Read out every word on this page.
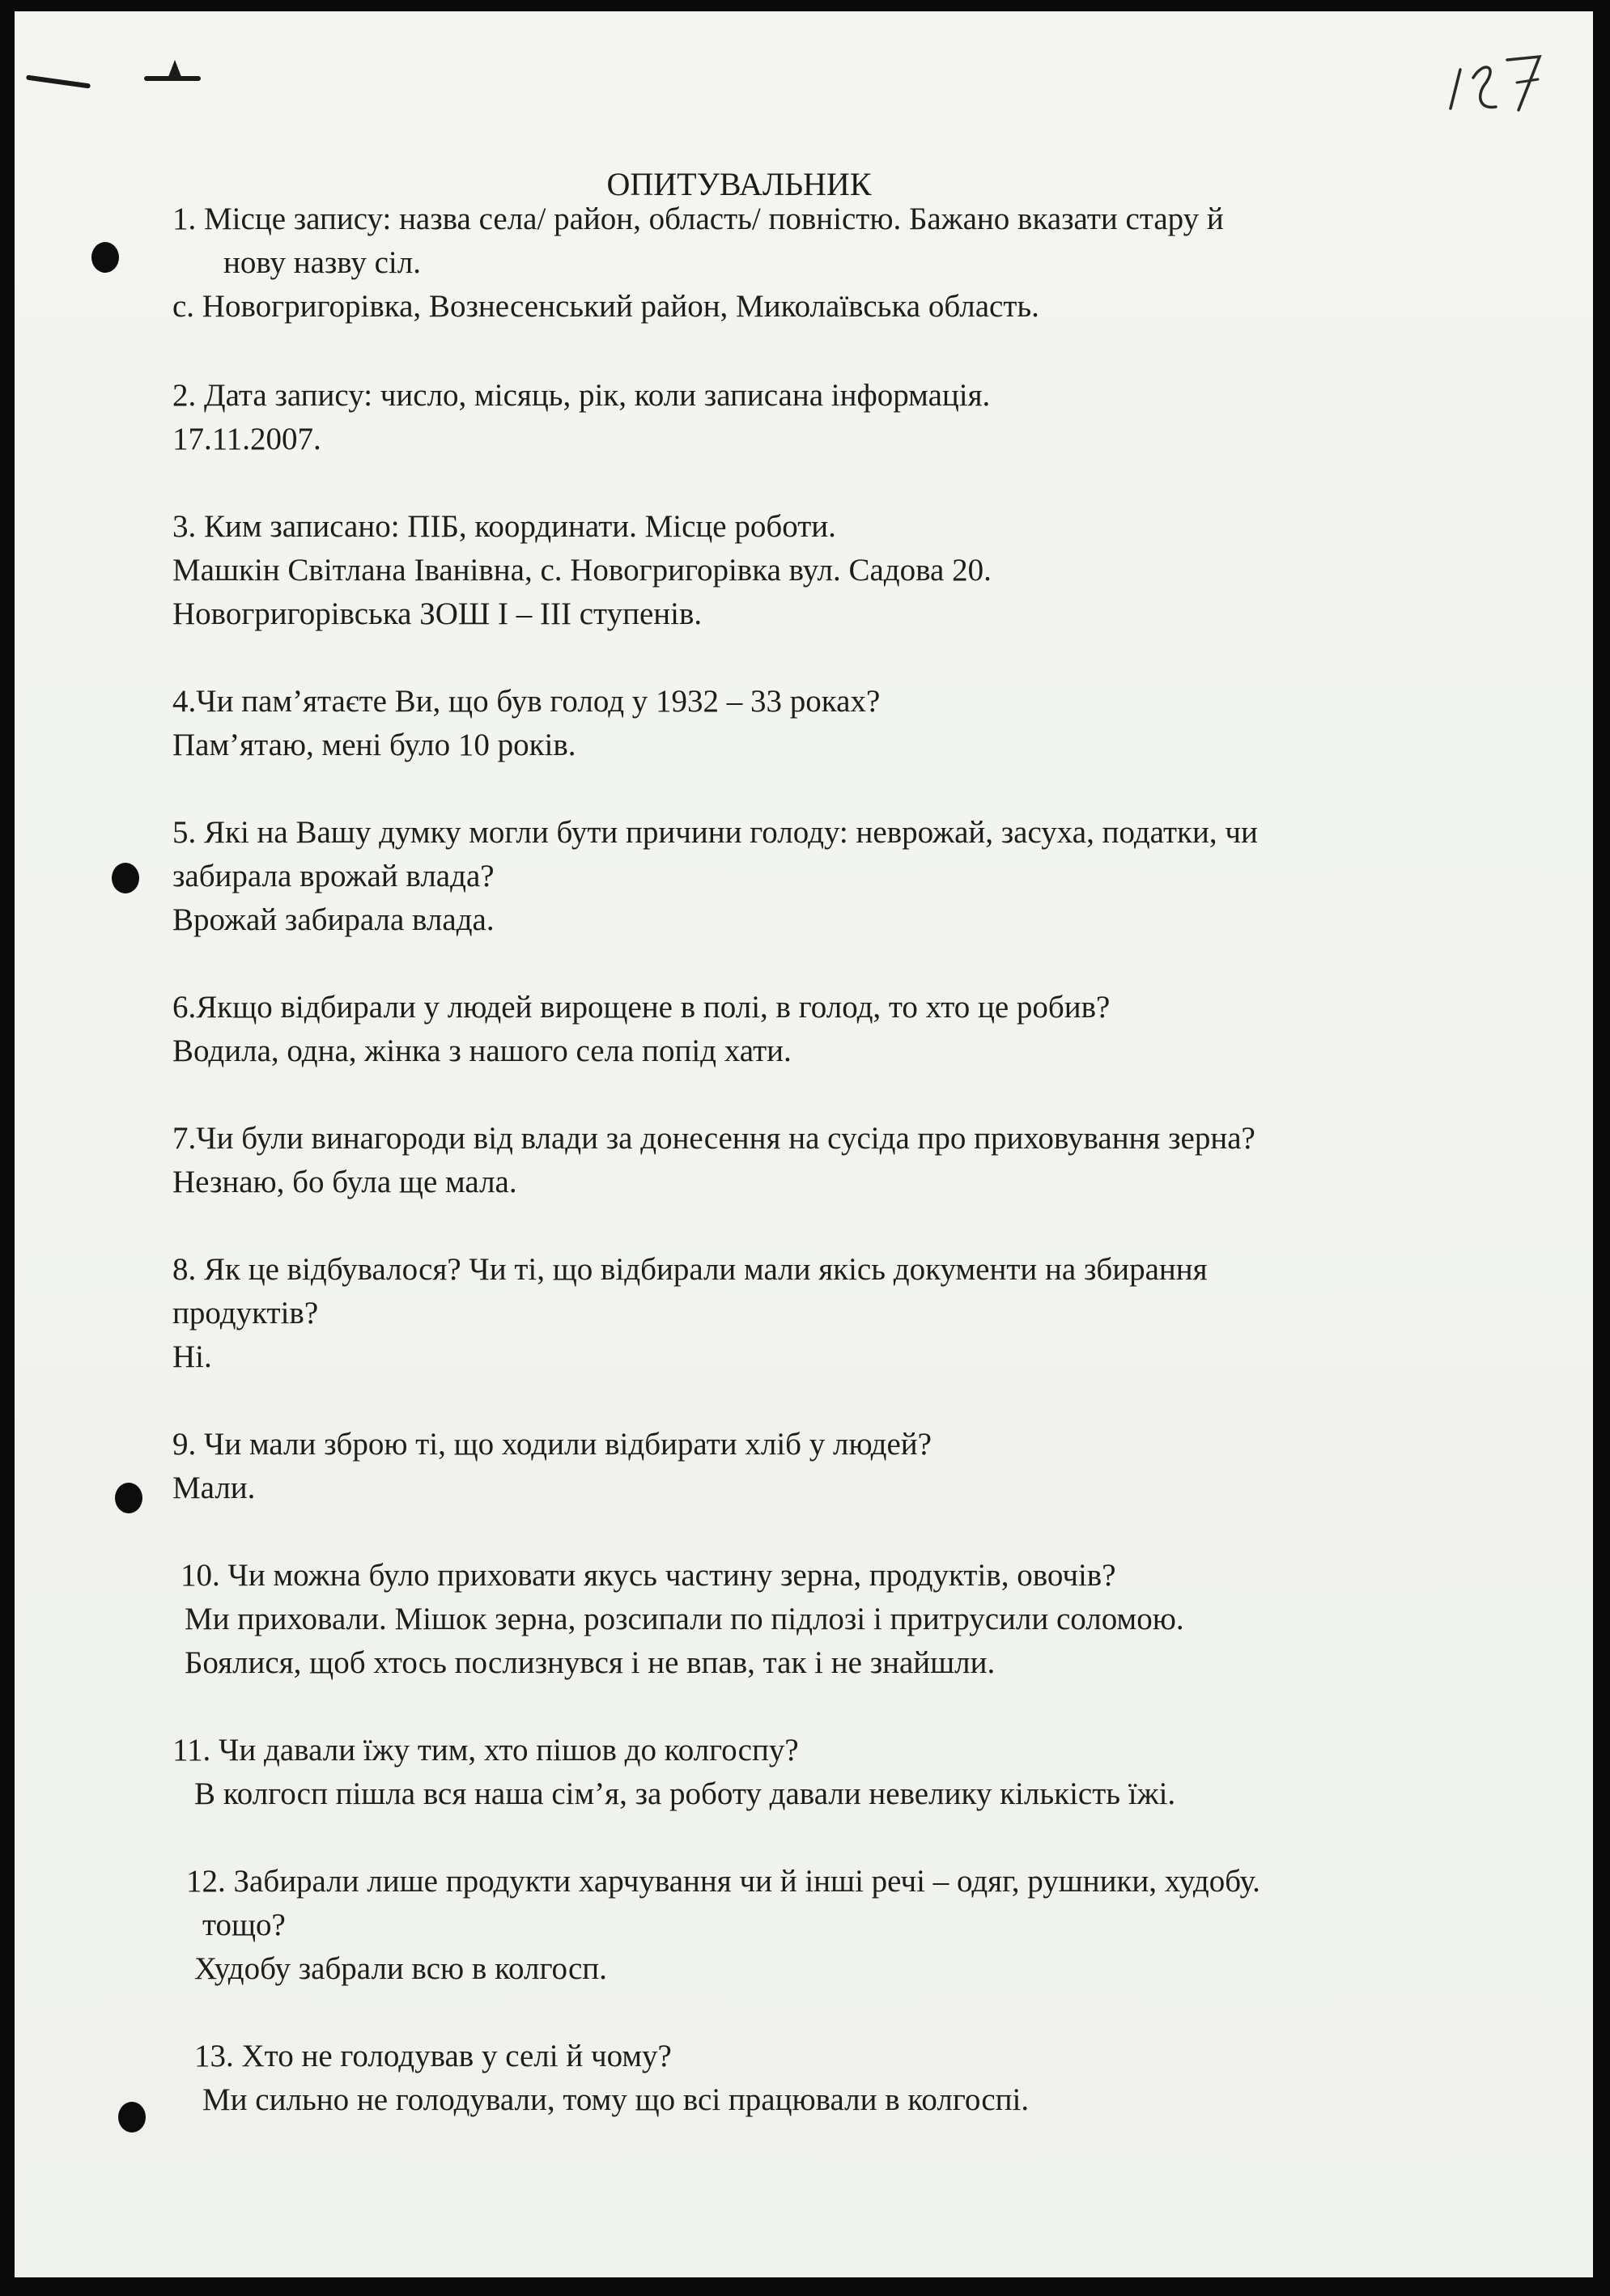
ОПИТУВАЛЬНИК
1. Місце запису: назва села/ район, область/ повністю. Бажано вказати стару й
нову назву сіл.
с. Новогригорівка, Вознесенський район, Миколаївська область.
2. Дата запису: число, місяць, рік, коли записана інформація.
17.11.2007.
3. Ким записано: ПІБ, координати. Місце роботи.
Машкін Світлана Іванівна, с. Новогригорівка вул. Садова 20.
Новогригорівська ЗОШ І – ІІІ ступенів.
4.Чи пам’ятаєте Ви, що був голод у 1932 – 33 роках?
Пам’ятаю, мені було 10 років.
5. Які на Вашу думку могли бути причини голоду: неврожай, засуха, податки, чи
забирала врожай влада?
Врожай забирала влада.
6.Якщо відбирали у людей вирощене в полі, в голод, то хто це робив?
Водила, одна, жінка з нашого села попід хати.
7.Чи були винагороди від влади за донесення на сусіда про приховування зерна?
Незнаю, бо була ще мала.
8. Як це відбувалося? Чи ті, що відбирали мали якісь документи на збирання
продуктів?
Ні.
9. Чи мали зброю ті, що ходили відбирати хліб у людей?
Мали.
10. Чи можна було приховати якусь частину зерна, продуктів, овочів?
Ми приховали. Мішок зерна, розсипали по підлозі і притрусили соломою.
Боялися, щоб хтось послизнувся і не впав, так і не знайшли.
11. Чи давали їжу тим, хто пішов до колгоспу?
В колгосп пішла вся наша сім’я, за роботу давали невелику кількість їжі.
12. Забирали лише продукти харчування чи й інші речі – одяг, рушники, худобу.
тощо?
Худобу забрали всю в колгосп.
13. Хто не голодував у селі й чому?
Ми сильно не голодували, тому що всі працювали в колгоспі.
